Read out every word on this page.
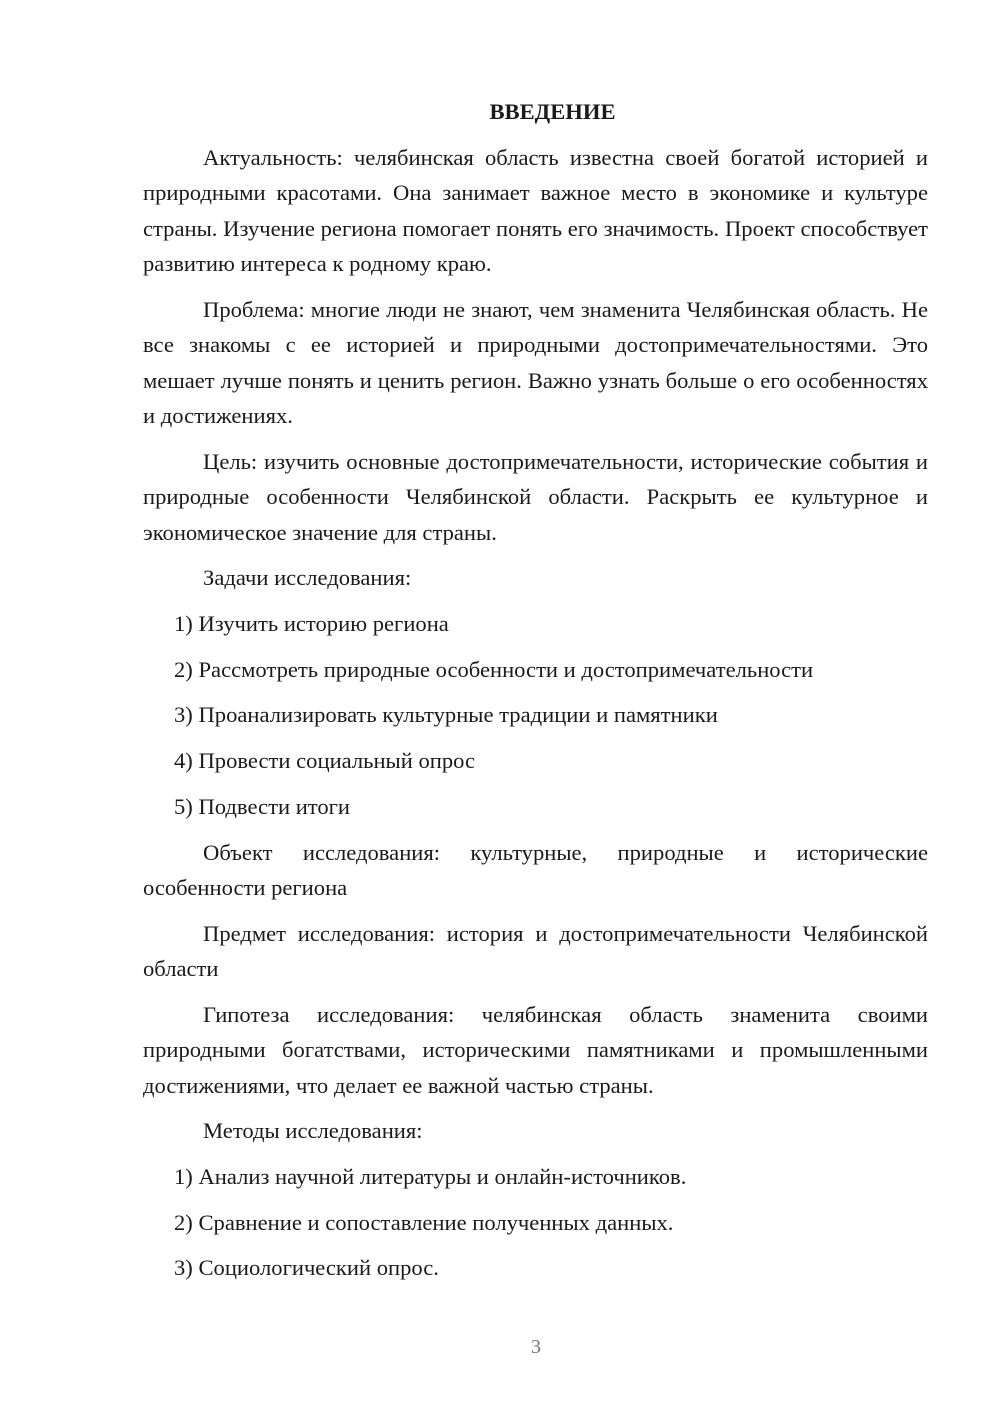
ВВЕДЕНИЕ
Актуальность: челябинская область известна своей богатой историей и природными красотами. Она занимает важное место в экономике и культуре страны. Изучение региона помогает понять его значимость. Проект способствует развитию интереса к родному краю.
Проблема: многие люди не знают, чем знаменита Челябинская область. Не все знакомы с ее историей и природными достопримечательностями. Это мешает лучше понять и ценить регион. Важно узнать больше о его особенностях и достижениях.
Цель: изучить основные достопримечательности, исторические события и природные особенности Челябинской области. Раскрыть ее культурное и экономическое значение для страны.
Задачи исследования:
1) Изучить историю региона
2) Рассмотреть природные особенности и достопримечательности
3) Проанализировать культурные традиции и памятники
4) Провести социальный опрос
5) Подвести итоги
Объект исследования: культурные, природные и исторические особенности региона
Предмет исследования: история и достопримечательности Челябинской области
Гипотеза исследования: челябинская область знаменита своими природными богатствами, историческими памятниками и промышленными достижениями, что делает ее важной частью страны.
Методы исследования:
1) Анализ научной литературы и онлайн-источников.
2) Сравнение и сопоставление полученных данных.
3) Социологический опрос.
3
